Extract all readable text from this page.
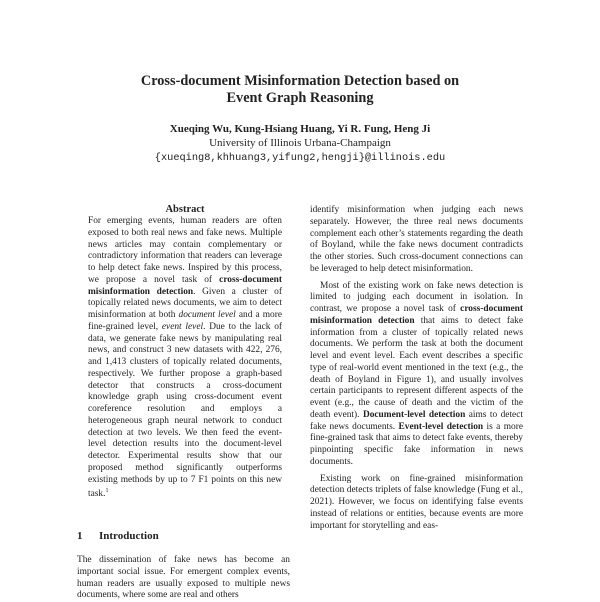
Cross-document Misinformation Detection based on
Event Graph Reasoning
Xueqing Wu, Kung-Hsiang Huang, Yi R. Fung, Heng Ji
University of Illinois Urbana-Champaign
{xueqing8,khhuang3,yifung2,hengji}@illinois.edu
Abstract
For emerging events, human readers are often exposed to both real news and fake news. Multiple news articles may contain complementary or contradictory information that readers can leverage to help detect fake news. Inspired by this process, we propose a novel task of cross-document misinformation detection. Given a cluster of topically related news documents, we aim to detect misinformation at both document level and a more fine-grained level, event level. Due to the lack of data, we generate fake news by manipulating real news, and construct 3 new datasets with 422, 276, and 1,413 clusters of topically related documents, respectively. We further propose a graph-based detector that constructs a cross-document knowledge graph using cross-document event coreference resolution and employs a heterogeneous graph neural network to conduct detection at two levels. We then feed the event-level detection results into the document-level detector. Experimental results show that our proposed method significantly outperforms existing methods by up to 7 F1 points on this new task.$^1$
1 Introduction
The dissemination of fake news has become an important social issue. For emergent complex events, human readers are usually exposed to multiple news documents, where some are real and others

identify misinformation when judging each news separately. However, the three real news documents complement each other’s statements regarding the death of Boyland, while the fake news document contradicts the other stories. Such cross-document connections can be leveraged to help detect misinformation.

Most of the existing work on fake news detection is limited to judging each document in isolation. In contrast, we propose a novel task of cross-document misinformation detection that aims to detect fake information from a cluster of topically related news documents. We perform the task at both the document level and event level. Each event describes a specific type of real-world event mentioned in the text (e.g., the death of Boyland in Figure 1), and usually involves certain participants to represent different aspects of the event (e.g., the cause of death and the victim of the death event). Document-level detection aims to detect fake news documents. Event-level detection is a more fine-grained task that aims to detect fake events, thereby pinpointing specific fake information in news documents.

Existing work on fine-grained misinformation detection detects triplets of false knowledge (Fung et al., 2021). However, we focus on identifying false events instead of relations or entities, because events are more important for storytelling and eas-
